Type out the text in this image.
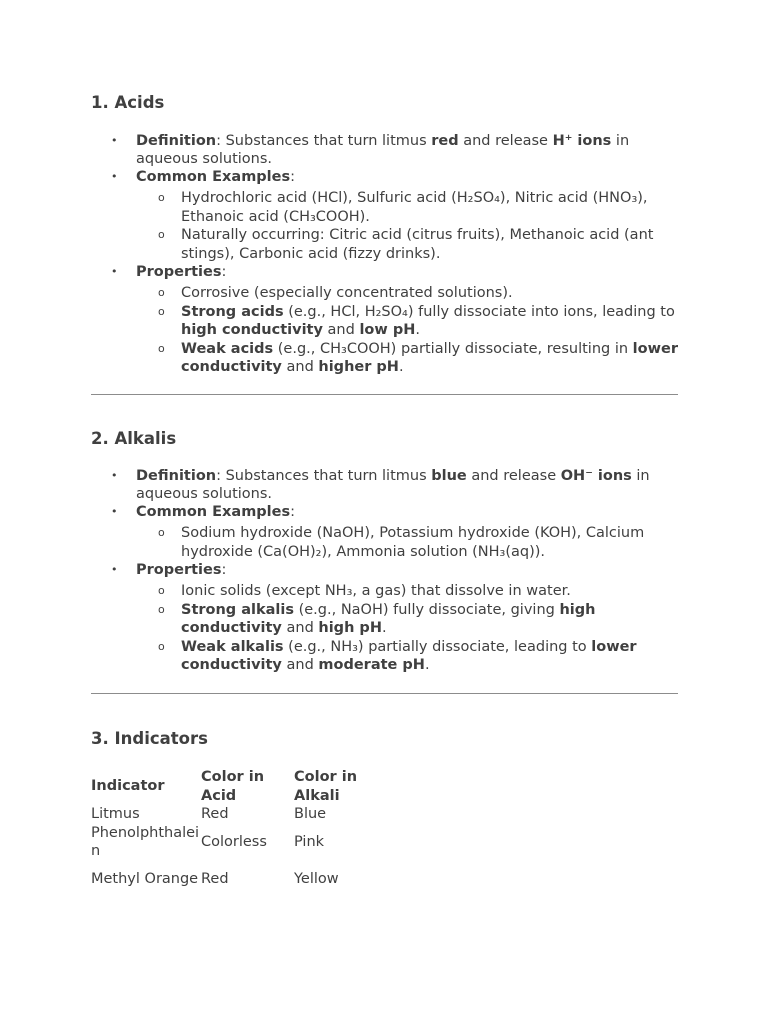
1. Acids
• Definition: Substances that turn litmus red and release H⁺ ions in aqueous solutions.
• Common Examples:
o Hydrochloric acid (HCl), Sulfuric acid (H₂SO₄), Nitric acid (HNO₃), Ethanoic acid (CH₃COOH).
o Naturally occurring: Citric acid (citrus fruits), Methanoic acid (ant stings), Carbonic acid (fizzy drinks).
• Properties:
o Corrosive (especially concentrated solutions).
o Strong acids (e.g., HCl, H₂SO₄) fully dissociate into ions, leading to high conductivity and low pH.
o Weak acids (e.g., CH₃COOH) partially dissociate, resulting in lower conductivity and higher pH.
2. Alkalis
• Definition: Substances that turn litmus blue and release OH⁻ ions in aqueous solutions.
• Common Examples:
o Sodium hydroxide (NaOH), Potassium hydroxide (KOH), Calcium hydroxide (Ca(OH)₂), Ammonia solution (NH₃(aq)).
• Properties:
o Ionic solids (except NH₃, a gas) that dissolve in water.
o Strong alkalis (e.g., NaOH) fully dissociate, giving high conductivity and high pH.
o Weak alkalis (e.g., NH₃) partially dissociate, leading to lower conductivity and moderate pH.
3. Indicators
Indicator	Color in Acid	Color in Alkali
Litmus	Red	Blue
Phenolphthalein	Colorless	Pink
Methyl Orange	Red	Yellow
